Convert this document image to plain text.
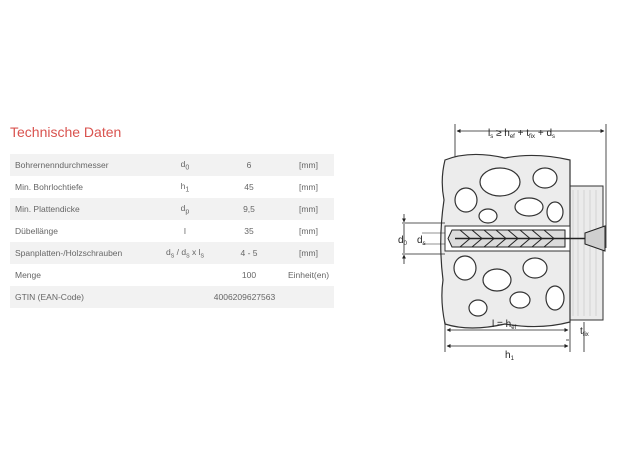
Technische Daten
Bohrernenndurchmesser	$d_0$	6	[mm]
Min. Bohrlochtiefe	$h_1$	45	[mm]
Min. Plattendicke	$d_p$	9,5	[mm]
Dübellänge	l	35	[mm]
Spanplatten-/Holzschrauben	$d_s / d_s$ x $l_s$	4 - 5	[mm]
Menge		100	Einheit(en)
GTIN (EAN-Code)	4006209627563		
$l_s \ge h_{ef} + t_{fix} + d_s$
$d_0$ $d_s$
$l = h_{ef}$
$h_1$
$t_{fix}$
